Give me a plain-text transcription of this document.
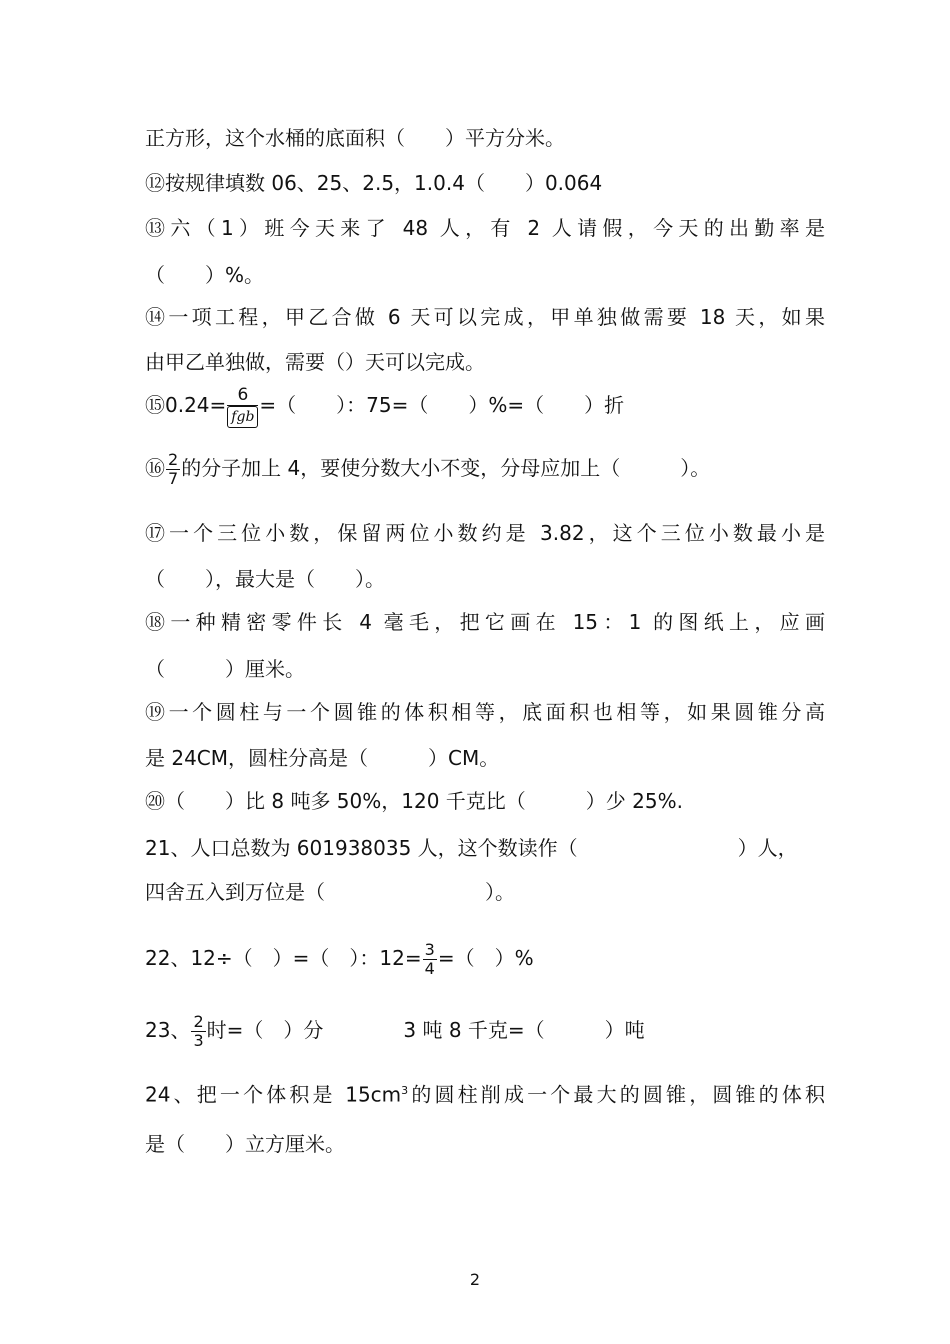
正方形，这个水桶的底面积（　　）平方分米。
⑫按规律填数 06、25、2.5，1.0.4（　　）0.064
⑬六（1）班今天来了 48 人，有 2 人请假，今天的出勤率是
（　　）%。
⑭一项工程，甲乙合做 6 天可以完成，甲单独做需要 18 天，如果
由甲乙单独做，需要（）天可以完成。
⑮0.24= $\frac{6}{\text{fgb}}$ =（　　）：75=（　　）%=（　　）折
⑯ $\frac{2}{7}$ 的分子加上 4，要使分数大小不变，分母应加上（　　　）。
⑰一个三位小数，保留两位小数约是 3.82，这个三位小数最小是
（　　），最大是（　　）。
⑱一种精密零件长 4 毫毛，把它画在 15：1 的图纸上，应画
（　　　）厘米。
⑲一个圆柱与一个圆锥的体积相等，底面积也相等，如果圆锥分高
是 24CM，圆柱分高是（　　　）CM。
⑳（　　）比 8 吨多 50%，120 千克比（　　　）少 25%.
21、人口总数为 601938035 人，这个数读作（　　　　　　　　）人，
四舍五入到万位是（　　　　　　　　）。
22、12÷（　）=（　）：$12= \frac{3}{4}$ =（　）%
23、 $\frac{2}{3}$ 时=（　）分　　　　3 吨 8 千克=（　　　）吨
24、把一个体积是 $15cm^3$的圆柱削成一个最大的圆锥，圆锥的体积
是（　　）立方厘米。
2
